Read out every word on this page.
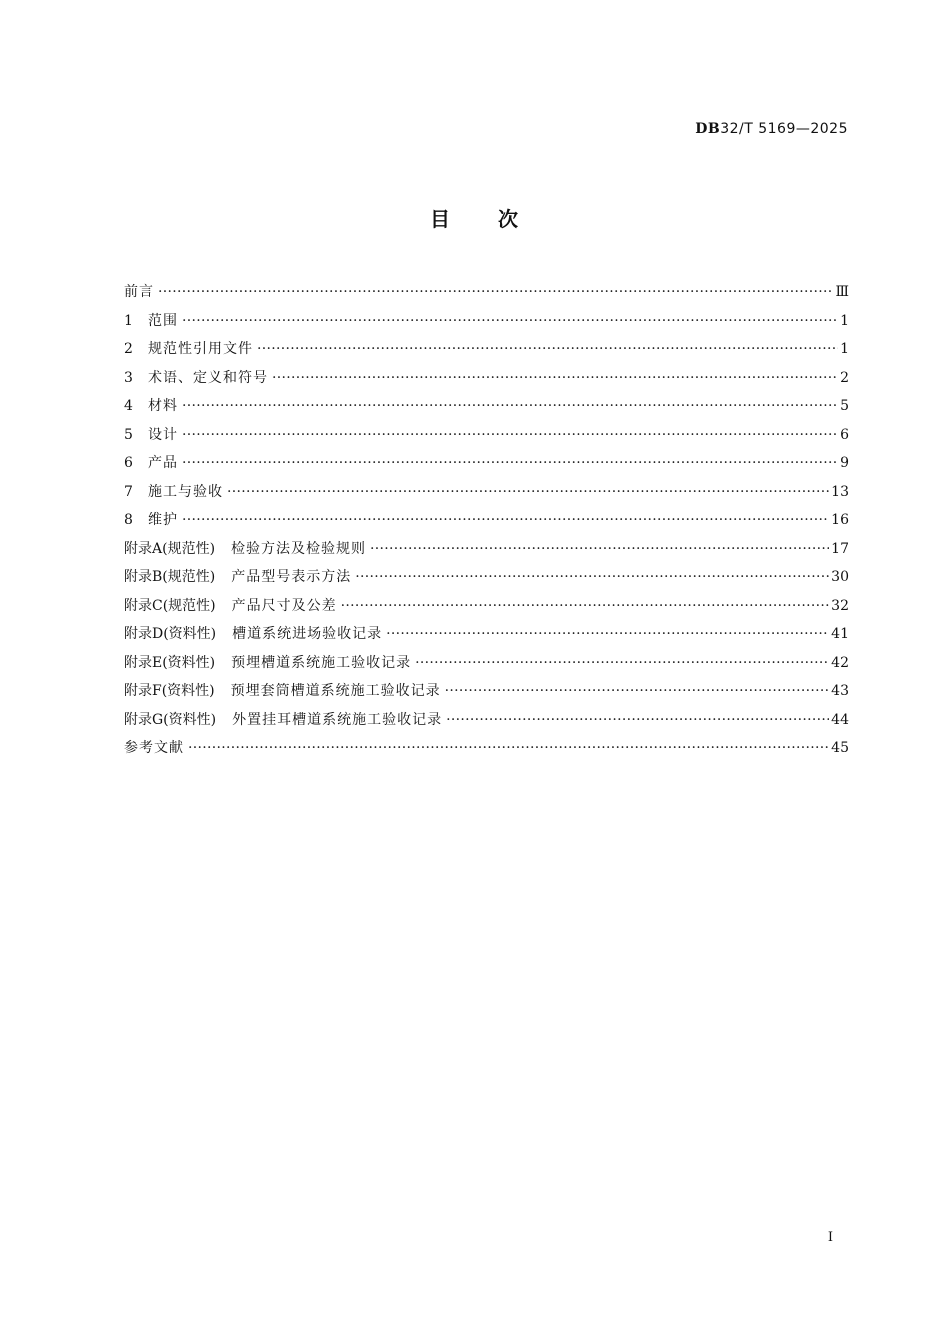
DB32/T 5169—2025
目 次
前言 ·····	Ⅲ
1	范围 ·····	1
2	规范性引用文件 ·····	1
3	术语、定义和符号 ·····	2
4	材料 ·····	5
5	设计 ·····	6
6	产品 ·····	9
7	施工与验收 ·····	13
8	维护 ·····	16
附录A(规范性) 检验方法及检验规则 ·····	17
附录B(规范性) 产品型号表示方法 ·····	30
附录C(规范性) 产品尺寸及公差 ·····	32
附录D(资料性) 槽道系统进场验收记录 ·····	41
附录E(资料性) 预埋槽道系统施工验收记录 ·····	42
附录F(资料性) 预埋套筒槽道系统施工验收记录 ·····	43
附录G(资料性) 外置挂耳槽道系统施工验收记录 ·····	44
参考文献 ·····	45
I
